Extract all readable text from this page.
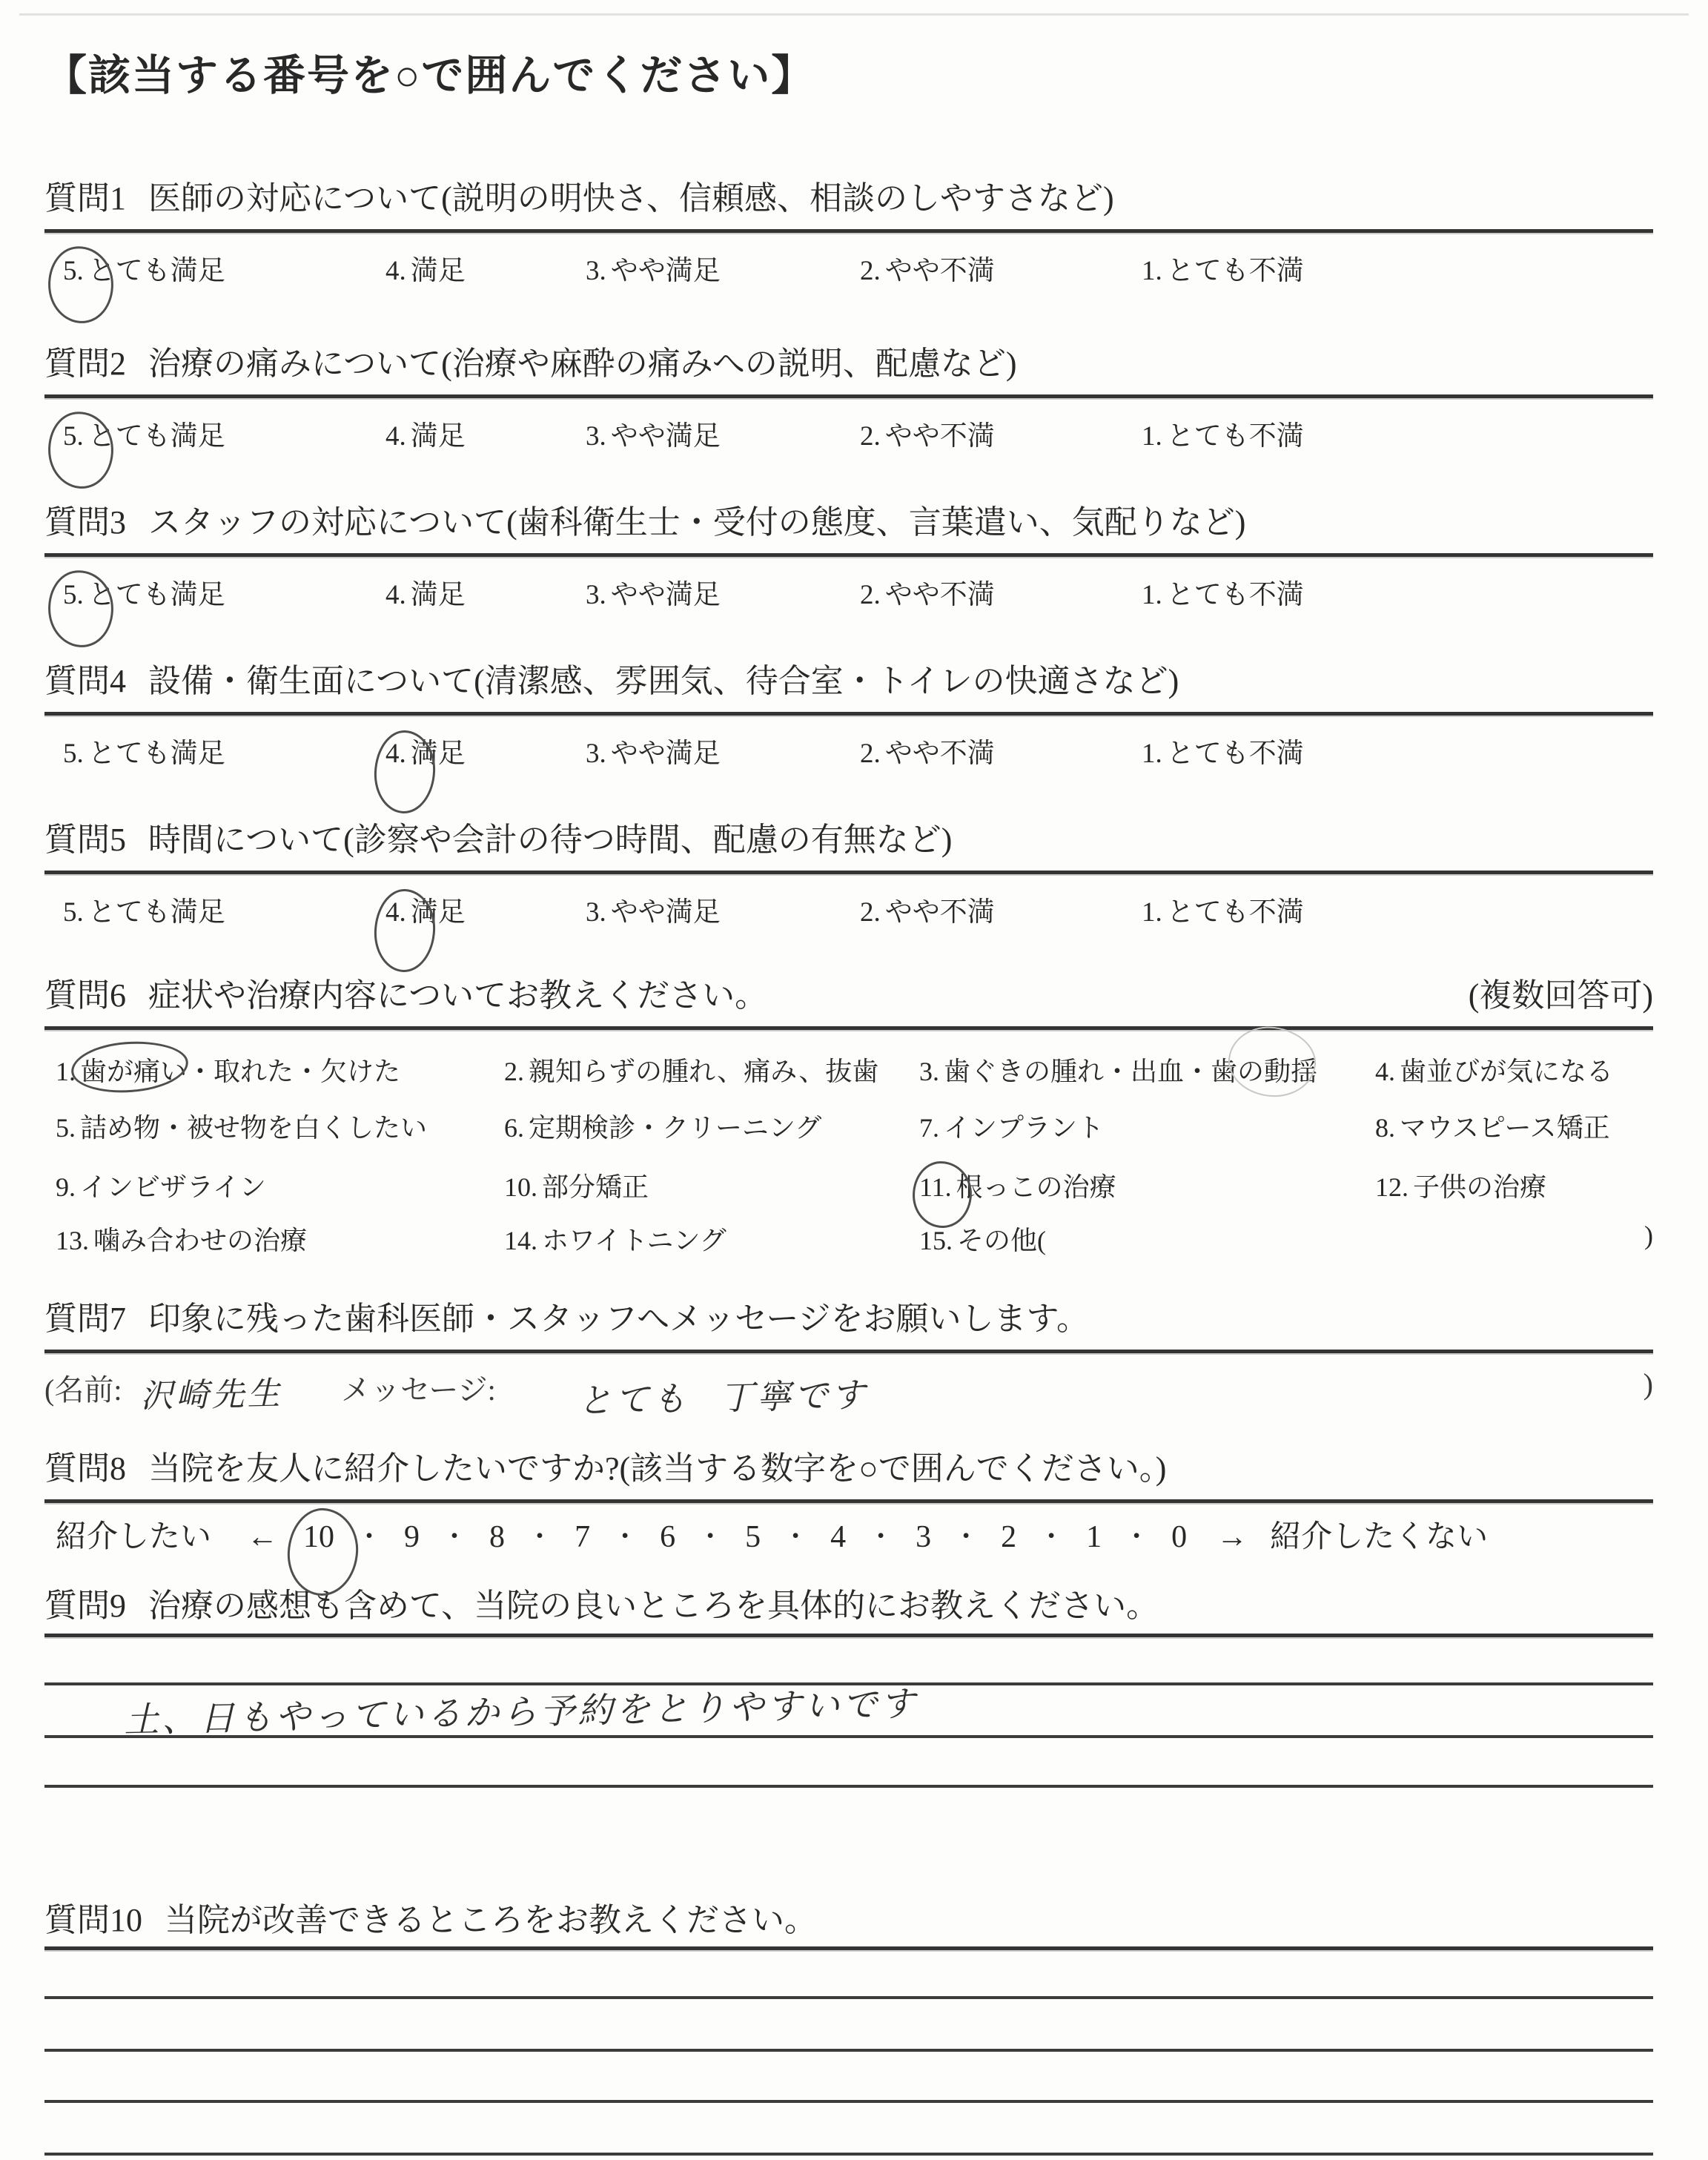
【該当する番号を○で囲んでください】
質問1 医師の対応について(説明の明快さ、信頼感、相談のしやすさなど)
5. とても満足	4. 満足	3. やや満足	2. やや不満	1. とても不満
質問2 治療の痛みについて(治療や麻酔の痛みへの説明、配慮など)
5. とても満足	4. 満足	3. やや満足	2. やや不満	1. とても不満
質問3 スタッフの対応について(歯科衛生士・受付の態度、言葉遣い、気配りなど)
5. とても満足	4. 満足	3. やや満足	2. やや不満	1. とても不満
質問4 設備・衛生面について(清潔感、雰囲気、待合室・トイレの快適さなど)
5. とても満足	4. 満足	3. やや満足	2. やや不満	1. とても不満
質問5 時間について(診察や会計の待つ時間、配慮の有無など)
5. とても満足	4. 満足	3. やや満足	2. やや不満	1. とても不満
質問6 症状や治療内容についてお教えください。	(複数回答可)
1. 歯が痛い・取れた・欠けた	2. 親知らずの腫れ、痛み、抜歯 3. 歯ぐきの腫れ・出血・歯の動揺 4. 歯並びが気になる
5. 詰め物・被せ物を白くしたい	6. 定期検診・クリーニング	7. インプラント	8. マウスピース矯正
9. インビザライン	10. 部分矯正	11. 根っこの治療	12. 子供の治療
13. 噛み合わせの治療	14. ホワイトニング	15. その他(	)
質問7 印象に残った歯科医師・スタッフへメッセージをお願いします。
(名前: 沢崎先生 メッセージ: とても 丁寧です	)
質問8 当院を友人に紹介したいですか?(該当する数字を○で囲んでください。)
紹介したい ← 10 ・ 9 ・ 8 ・ 7 ・ 6 ・ 5 ・ 4 ・ 3 ・ 2 ・ 1 ・ 0 → 紹介したくない
質問9 治療の感想も含めて、当院の良いところを具体的にお教えください。
土、日もやっているから予約をとりやすいです
質問10 当院が改善できるところをお教えください。
